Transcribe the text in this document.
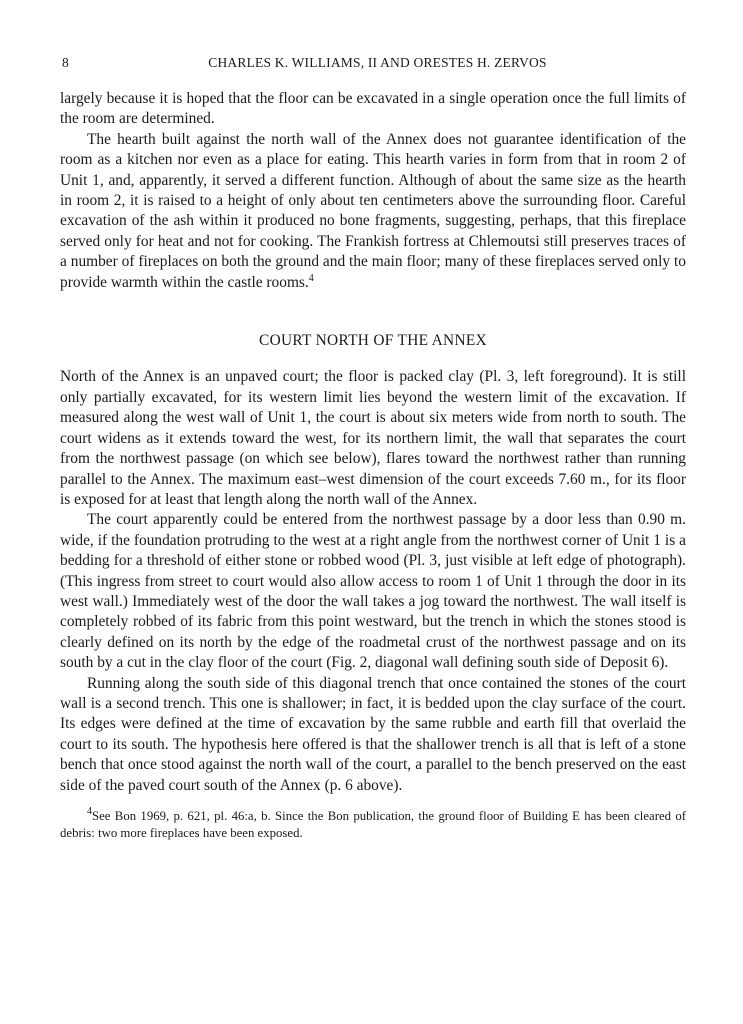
8	CHARLES K. WILLIAMS, II AND ORESTES H. ZERVOS

largely because it is hoped that the floor can be excavated in a single operation once the full limits of the room are determined.

The hearth built against the north wall of the Annex does not guarantee identification of the room as a kitchen nor even as a place for eating. This hearth varies in form from that in room 2 of Unit 1, and, apparently, it served a different function. Although of about the same size as the hearth in room 2, it is raised to a height of only about ten centimeters above the surrounding floor. Careful excavation of the ash within it produced no bone fragments, suggesting, perhaps, that this fireplace served only for heat and not for cooking. The Frankish fortress at Chlemoutsi still preserves traces of a number of fireplaces on both the ground and the main floor; many of these fireplaces served only to provide warmth within the castle rooms.$^4$

COURT NORTH OF THE ANNEX

North of the Annex is an unpaved court; the floor is packed clay (Pl. 3, left foreground). It is still only partially excavated, for its western limit lies beyond the western limit of the excavation. If measured along the west wall of Unit 1, the court is about six meters wide from north to south. The court widens as it extends toward the west, for its northern limit, the wall that separates the court from the northwest passage (on which see below), flares toward the northwest rather than running parallel to the Annex. The maximum east–west dimension of the court exceeds 7.60 m., for its floor is exposed for at least that length along the north wall of the Annex.

The court apparently could be entered from the northwest passage by a door less than 0.90 m. wide, if the foundation protruding to the west at a right angle from the northwest corner of Unit 1 is a bedding for a threshold of either stone or robbed wood (Pl. 3, just visible at left edge of photograph). (This ingress from street to court would also allow access to room 1 of Unit 1 through the door in its west wall.) Immediately west of the door the wall takes a jog toward the northwest. The wall itself is completely robbed of its fabric from this point westward, but the trench in which the stones stood is clearly defined on its north by the edge of the roadmetal crust of the northwest passage and on its south by a cut in the clay floor of the court (Fig. 2, diagonal wall defining south side of Deposit 6).

Running along the south side of this diagonal trench that once contained the stones of the court wall is a second trench. This one is shallower; in fact, it is bedded upon the clay surface of the court. Its edges were defined at the time of excavation by the same rubble and earth fill that overlaid the court to its south. The hypothesis here offered is that the shallower trench is all that is left of a stone bench that once stood against the north wall of the court, a parallel to the bench preserved on the east side of the paved court south of the Annex (p. 6 above).

$^4$See Bon 1969, p. 621, pl. 46:a, b. Since the Bon publication, the ground floor of Building E has been cleared of debris: two more fireplaces have been exposed.
